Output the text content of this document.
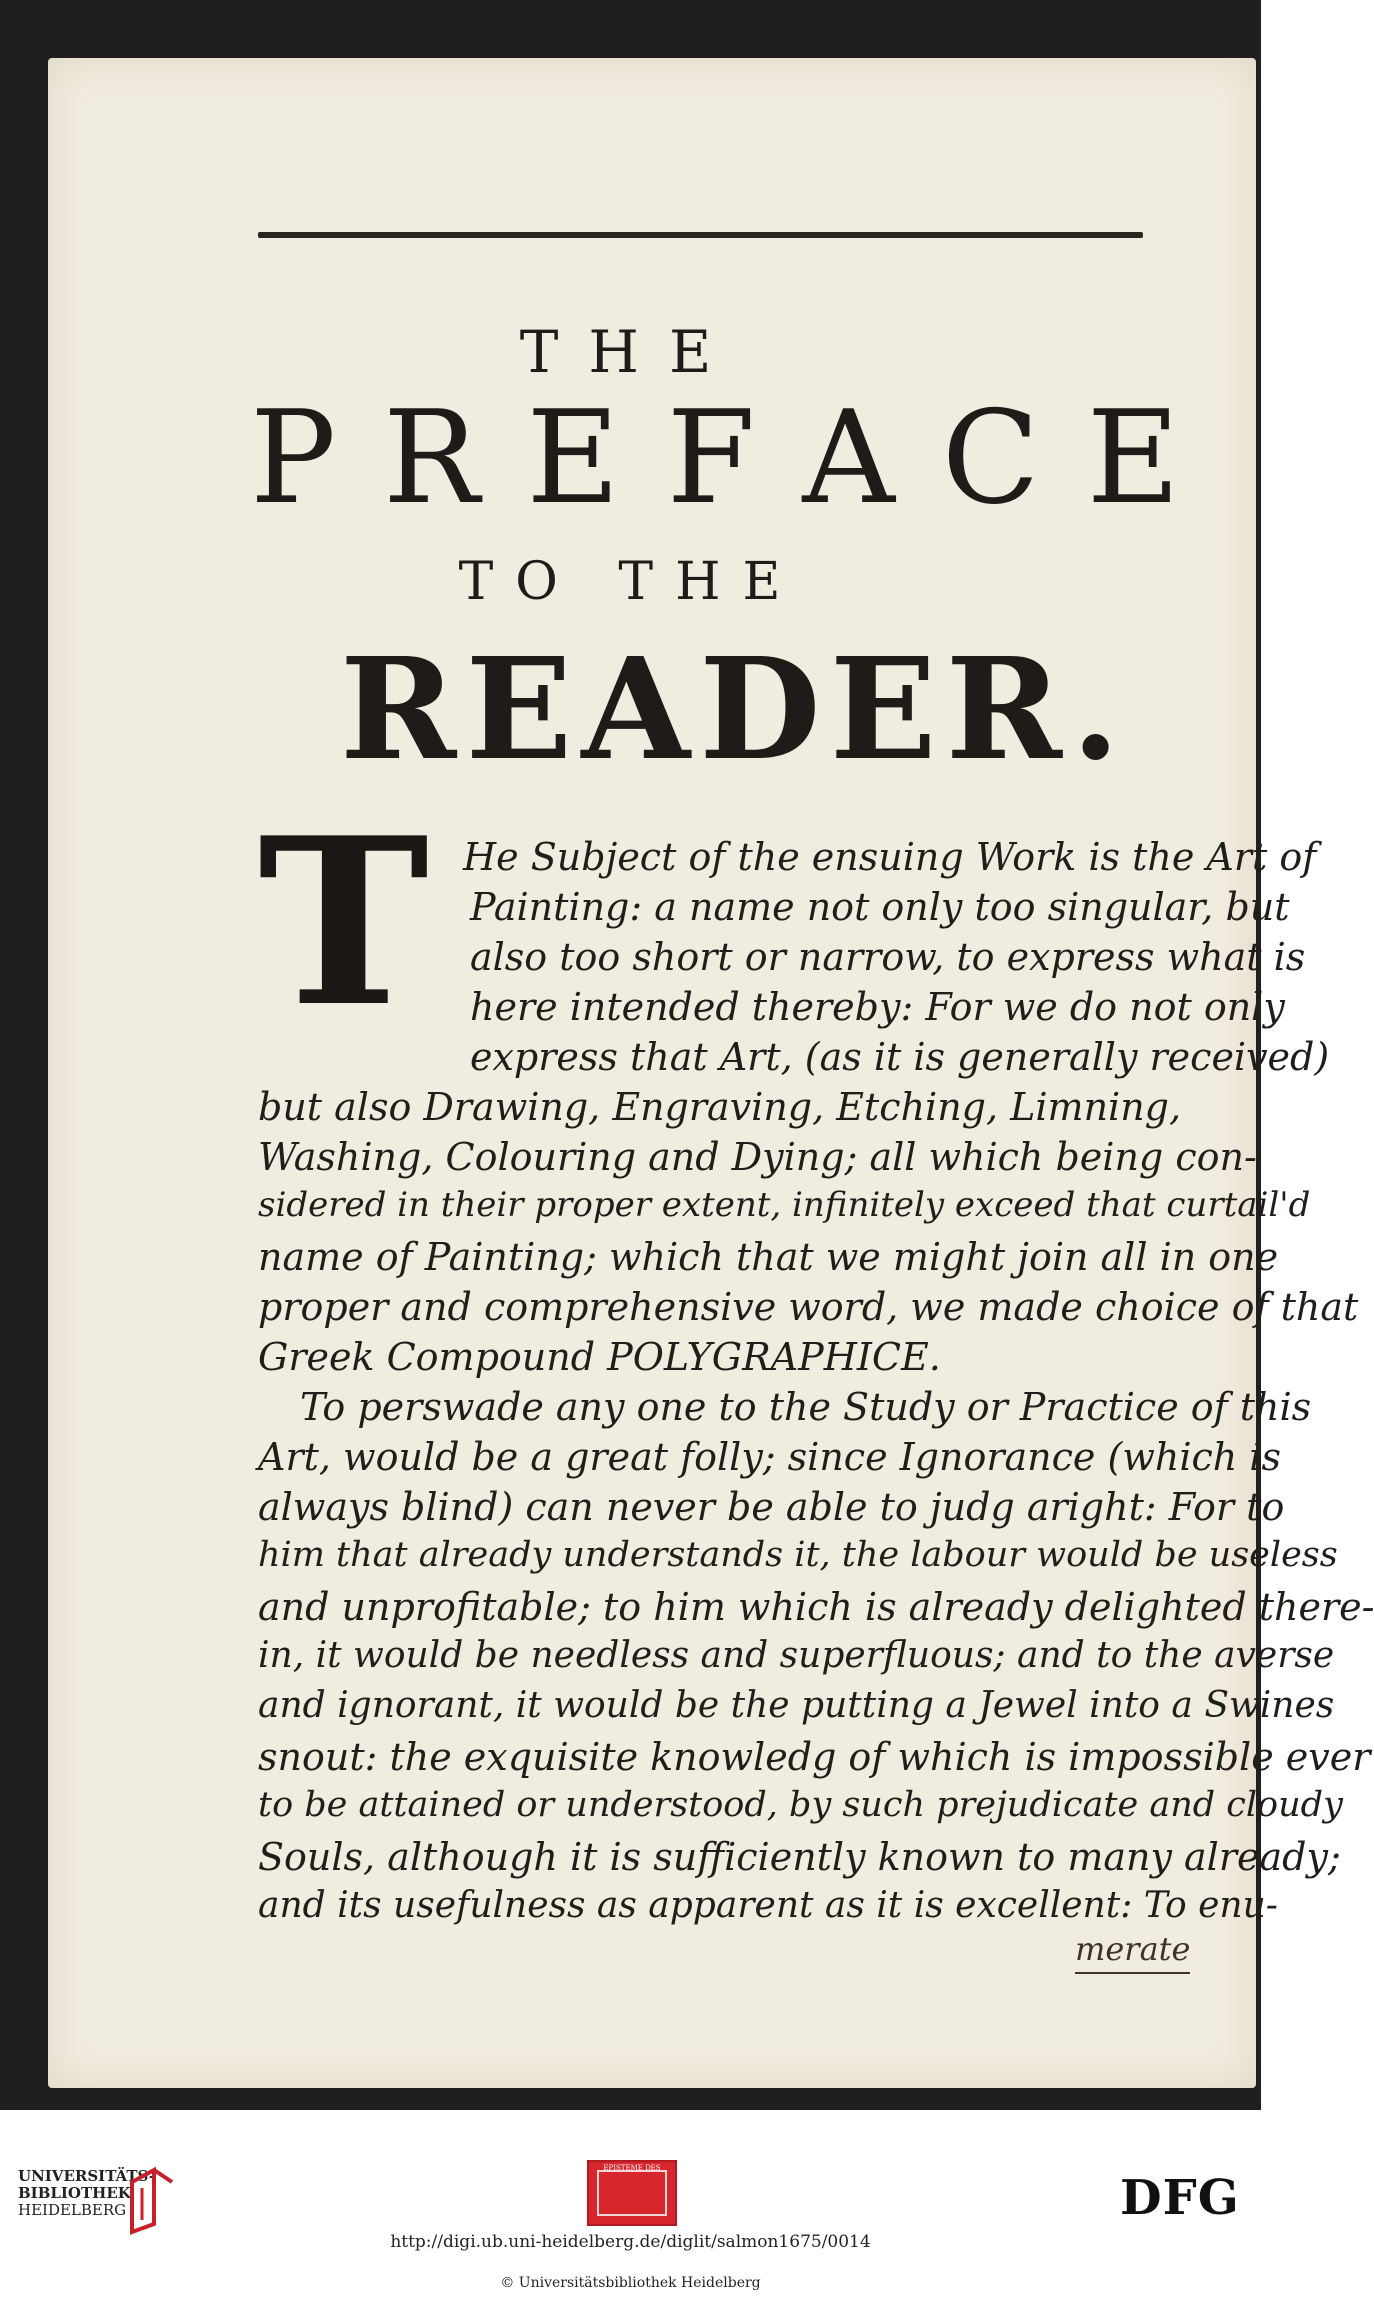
THE
P R E F A C E
TO THE
R E A D E R .
T He Subject of the ensuing Work is the Art of

Painting: a name not only too singular, but

also too short or narrow, to express what is

here intended thereby: For we do not only

express that Art, (as it is generally received)

but also Drawing, Engraving, Etching, Limning,

Washing, Colouring and Dying; all which being con-

sidered in their proper extent, infinitely exceed that curtail'd

name of Painting; which that we might join all in one

proper and comprehensive word, we made choice of that

Greek Compound POLYGRAPHICE.

To perswade any one to the Study or Practice of this

Art, would be a great folly; since Ignorance (which is

always blind) can never be able to judg aright: For to

him that already understands it, the labour would be useless

and unprofitable; to him which is already delighted there-

in, it would be needless and superfluous; and to the averse

and ignorant, it would be the putting a Jewel into a Swines

snout: the exquisite knowledg of which is impossible ever

to be attained or understood, by such prejudicate and cloudy

Souls, although it is sufficiently known to many already;

and its usefulness as apparent as it is excellent: To enu-

merate
UNIVERSITÄTS-
BIBLIOTHEK
HEIDELBERG
EPISTEME DES
DFG
http://digi.ub.uni-heidelberg.de/diglit/salmon1675/0014
© Universitätsbibliothek Heidelberg
